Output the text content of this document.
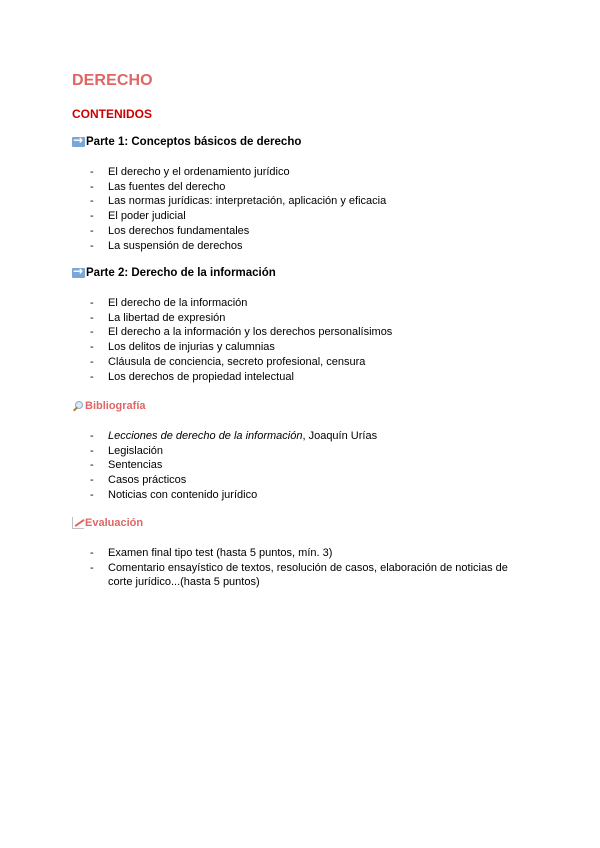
DERECHO
CONTENIDOS
→
Parte 1: Conceptos básicos de derecho
- El derecho y el ordenamiento jurídico
- Las fuentes del derecho
- Las normas jurídicas: interpretación, aplicación y eficacia
- El poder judicial
- Los derechos fundamentales
- La suspensión de derechos
→
Parte 2: Derecho de la información
- El derecho de la información
- La libertad de expresión
- El derecho a la información y los derechos personalísimos
- Los delitos de injurias y calumnias
- Cláusula de conciencia, secreto profesional, censura
- Los derechos de propiedad intelectual
Bibliografía
- Lecciones de derecho de la información, Joaquín Urías
- Legislación
- Sentencias
- Casos prácticos
- Noticias con contenido jurídico
Evaluación
- Examen final tipo test (hasta 5 puntos, mín. 3)
- Comentario ensayístico de textos, resolución de casos, elaboración de noticias de corte jurídico...(hasta 5 puntos)
